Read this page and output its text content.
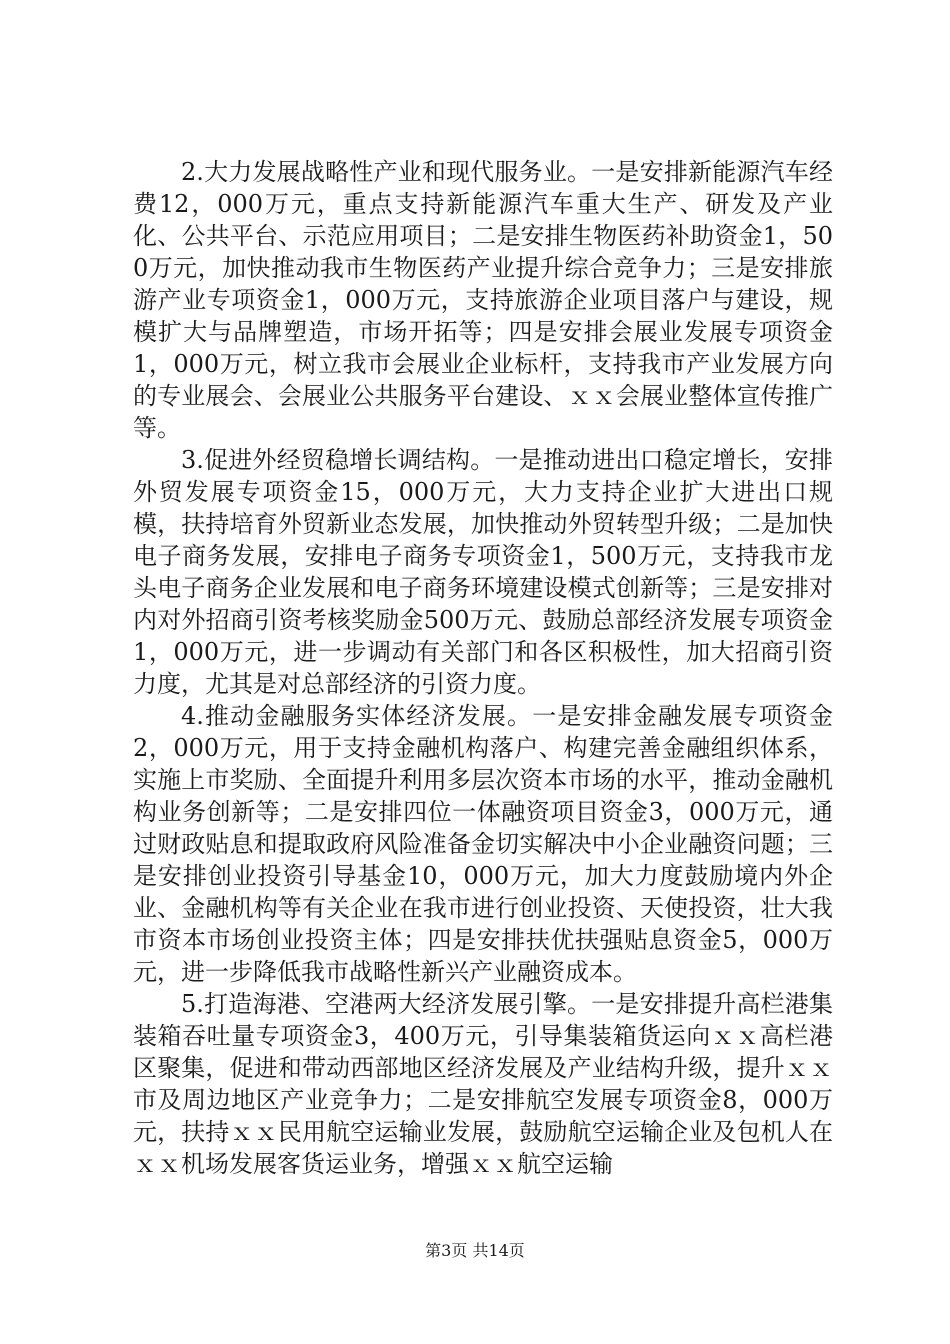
2.大力发展战略性产业和现代服务业。一是安排新能源汽车经费12，000万元，重点支持新能源汽车重大生产、研发及产业化、公共平台、示范应用项目；二是安排生物医药补助资金1，500万元，加快推动我市生物医药产业提升综合竞争力；三是安排旅游产业专项资金1，000万元，支持旅游企业项目落户与建设，规模扩大与品牌塑造，市场开拓等；四是安排会展业发展专项资金1，000万元，树立我市会展业企业标杆，支持我市产业发展方向的专业展会、会展业公共服务平台建设、ｘｘ会展业整体宣传推广等。

3.促进外经贸稳增长调结构。一是推动进出口稳定增长，安排外贸发展专项资金15，000万元，大力支持企业扩大进出口规模，扶持培育外贸新业态发展，加快推动外贸转型升级；二是加快电子商务发展，安排电子商务专项资金1，500万元，支持我市龙头电子商务企业发展和电子商务环境建设模式创新等；三是安排对内对外招商引资考核奖励金500万元、鼓励总部经济发展专项资金1，000万元，进一步调动有关部门和各区积极性，加大招商引资力度，尤其是对总部经济的引资力度。

4.推动金融服务实体经济发展。一是安排金融发展专项资金2，000万元，用于支持金融机构落户、构建完善金融组织体系，实施上市奖励、全面提升利用多层次资本市场的水平，推动金融机构业务创新等；二是安排四位一体融资项目资金3，000万元，通过财政贴息和提取政府风险准备金切实解决中小企业融资问题；三是安排创业投资引导基金10，000万元，加大力度鼓励境内外企业、金融机构等有关企业在我市进行创业投资、天使投资，壮大我市资本市场创业投资主体；四是安排扶优扶强贴息资金5，000万元，进一步降低我市战略性新兴产业融资成本。

5.打造海港、空港两大经济发展引擎。一是安排提升高栏港集装箱吞吐量专项资金3，400万元，引导集装箱货运向ｘｘ高栏港区聚集，促进和带动西部地区经济发展及产业结构升级，提升ｘｘ市及周边地区产业竞争力；二是安排航空发展专项资金8，000万元，扶持ｘｘ民用航空运输业发展，鼓励航空运输企业及包机人在ｘｘ机场发展客货运业务，增强ｘｘ航空运输

第3页 共14页
